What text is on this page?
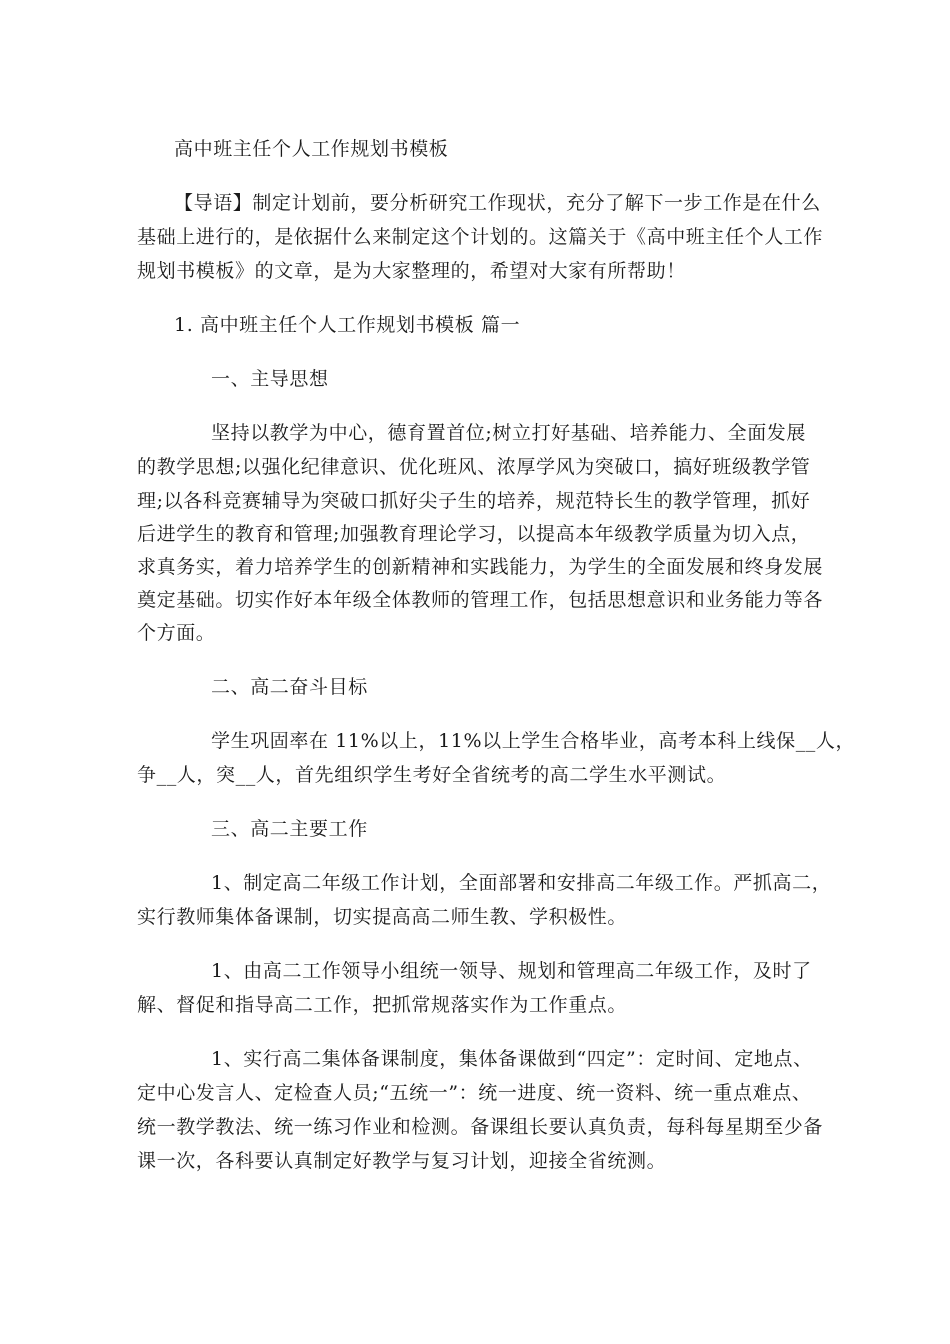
高中班主任个人工作规划书模板
【导语】制定计划前，要分析研究工作现状，充分了解下一步工作是在什么
基础上进行的，是依据什么来制定这个计划的。这篇关于《高中班主任个人工作
规划书模板》的文章，是为大家整理的，希望对大家有所帮助！
1. 高中班主任个人工作规划书模板 篇一
一、主导思想
坚持以教学为中心，德育置首位;树立打好基础、培养能力、全面发展
的教学思想;以强化纪律意识、优化班风、浓厚学风为突破口，搞好班级教学管
理;以各科竞赛辅导为突破口抓好尖子生的培养，规范特长生的教学管理，抓好
后进学生的教育和管理;加强教育理论学习，以提高本年级教学质量为切入点，
求真务实，着力培养学生的创新精神和实践能力，为学生的全面发展和终身发展
奠定基础。切实作好本年级全体教师的管理工作，包括思想意识和业务能力等各
个方面。
二、高二奋斗目标
学生巩固率在 11%以上，11%以上学生合格毕业，高考本科上线保__人，
争__人，突__人，首先组织学生考好全省统考的高二学生水平测试。
三、高二主要工作
1、制定高二年级工作计划，全面部署和安排高二年级工作。严抓高二，
实行教师集体备课制，切实提高高二师生教、学积极性。
1、由高二工作领导小组统一领导、规划和管理高二年级工作，及时了
解、督促和指导高二工作，把抓常规落实作为工作重点。
1、实行高二集体备课制度，集体备课做到“四定”：定时间、定地点、
定中心发言人、定检查人员;“五统一”：统一进度、统一资料、统一重点难点、
统一教学教法、统一练习作业和检测。备课组长要认真负责，每科每星期至少备
课一次，各科要认真制定好教学与复习计划，迎接全省统测。
